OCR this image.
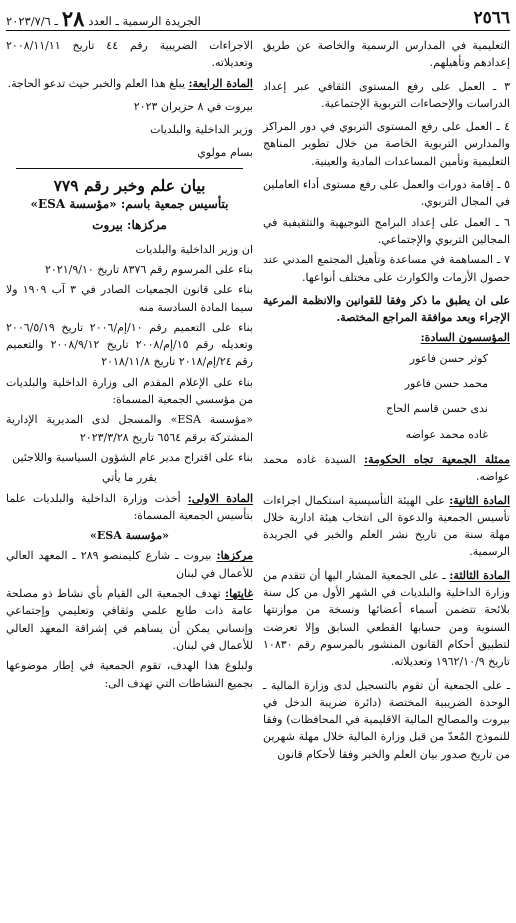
٢٥٦٦
الجريدة الرسمية ـ العدد
٢٨
ـ ٢٠٢٣/٧/٦

التعليمية في المدارس الرسمية والخاصة عن طريق إعدادهم وتأهيلهم.

٣ ـ العمل على رفع المستوى الثقافي عبر إعداد الدراسات والإحصاءات التربوية الإجتماعية.

٤ ـ العمل على رفع المستوى التربوي في دور المراكز والمدارس التربوية الخاصة من خلال تطوير المناهج التعليمية وتأمين المساعدات المادية والعينية.

٥ ـ إقامة دورات والعمل على رفع مستوى أداء العاملين في المجال التربوي.

٦ ـ العمل على إعداد البرامج التوجيهية والتثقيفية في المجالين التربوي والإجتماعي.

٧ ـ المساهمة في مساعدة وتأهيل المجتمع المدني عند حصول الأزمات والكوارث على مختلف أنواعها.

على ان يطبق ما ذكر وفقا للقوانين والانظمة المرعية الإجراء وبعد موافقة المراجع المختصة.

المؤسسون السادة:

كوثر حسن فاعور

محمد حسن فاعور

ندى حسن قاسم الحاج

غاده محمد عواضه

ممثلة الجمعية تجاه الحكومة: السيدة غاده محمد عواضه.

المادة الثانية: على الهيئة التأسيسية استكمال اجراءات تأسيس الجمعية والدعوة الى انتخاب هيئة ادارية خلال مهلة سنة من تاريخ نشر العلم والخبر في الجريدة الرسمية.

المادة الثالثة: ـ على الجمعية المشار اليها أن تتقدم من وزارة الداخلية والبلديات في الشهر الأول من كل سنة بلائحة تتضمن أسماء أعضائها ونسخة من موازنتها السنوية ومن حسابها القطعي السابق وإلا تعرضت لتطبيق أحكام القانون المنشور بالمرسوم رقم ١٠٨٣٠ تاريخ ١٩٦٢/١٠/٩ وتعديلاته.

ـ على الجمعية أن تقوم بالتسجيل لدى وزارة المالية ـ الوحدة الضريبية المختصة (دائرة ضريبة الدخل في بيروت والمصالح المالية الاقليمية في المحافظات) وفقا للنموذج المُعدّ من قبل وزارة المالية خلال مهلة شهرين من تاريخ صدور بيان العلم والخبر وفقا لأحكام قانون

الاجراءات الضريبية رقم ٤٤ تاريخ ٢٠٠٨/١١/١١ وتعديلاته.

المادة الرابعة: يبلغ هذا العلم والخبر حيث تدعو الحاجة.

بيروت في ٨ حزيران ٢٠٢٣

وزير الداخلية والبلديات

بسام مولوي

بيان علم وخبر رقم ٧٧٩
بتأسيس جمعية باسم: «مؤسسة ESA»
مركزها: بيروت

ان وزير الداخلية والبلديات

بناء على المرسوم رقم ٨٣٧٦ تاريخ ٢٠٢١/٩/١٠

بناء على قانون الجمعيات الصادر في ٣ آب ١٩٠٩ ولا سيما المادة السادسة منه

بناء على التعميم رقم ١٠/إم/٢٠٠٦ تاريخ ٢٠٠٦/٥/١٩ وتعديله رقم ١٥/إم/٢٠٠٨ تاريخ ٢٠٠٨/٩/١٢ والتعميم رقم ٢٤/إم/٢٠١٨ تاريخ ٢٠١٨/١١/٨

بناء على الإعلام المقدم الى وزارة الداخلية والبلديات من مؤسسي الجمعية المسماة:

«مؤسسة ESA» والمسجل لدى المديرية الإدارية المشتركة برقم ٦٥٦٤ تاريخ ٢٠٢٣/٣/٢٨

بناء على اقتراح مدير عام الشؤون السياسية واللاجئين

يقرر ما يأتي

المادة الاولى: أخذت وزارة الداخلية والبلديات علما بتأسيس الجمعية المسماة:

«مؤسسة ESA»

مركزها: بيروت ـ شارع كليمنصو ٢٨٩ ـ المعهد العالي للأعمال في لبنان

غايتها: تهدف الجمعية الى القيام بأي نشاط ذو مصلحة عامة ذات طابع علمي وثقافي وتعليمي وإجتماعي وإنساني يمكن أن يساهم في إشراقة المعهد العالي للأعمال في لبنان.

ولبلوغ هذا الهدف، تقوم الجمعية في إطار موضوعها بجميع النشاطات التي تهدف الى:
